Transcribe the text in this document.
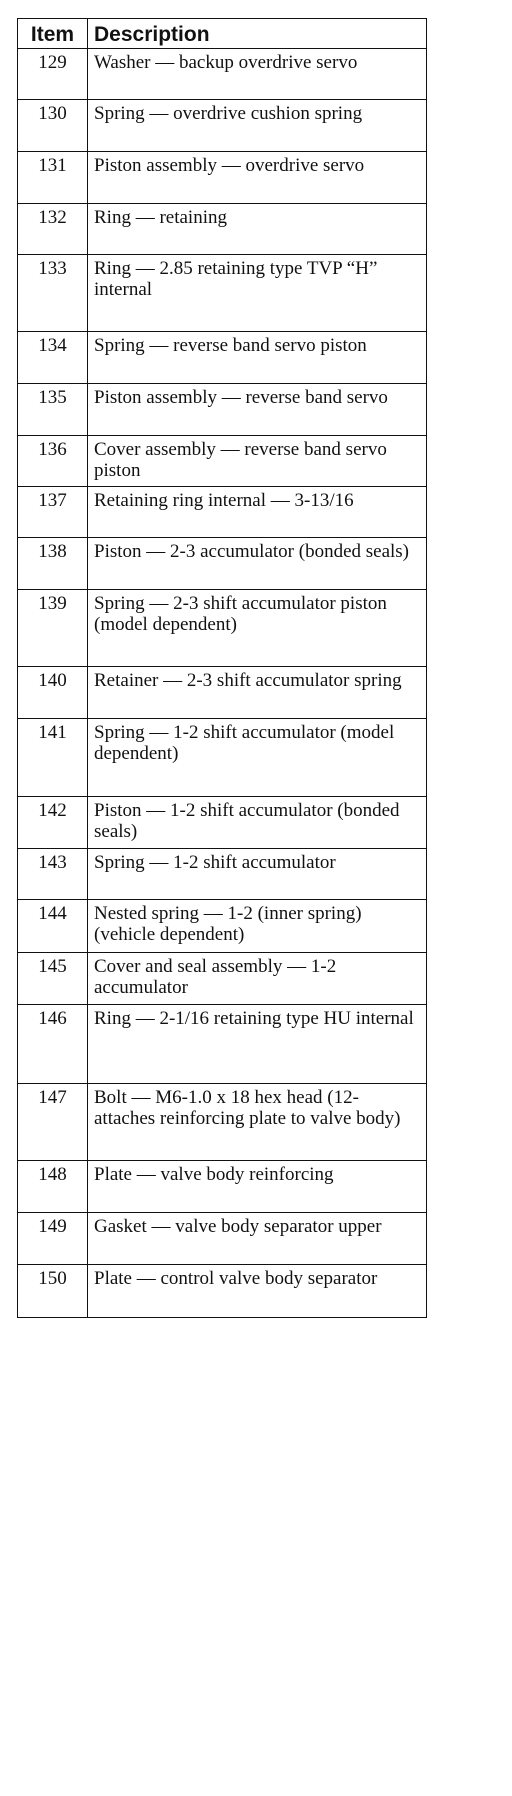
Item	Description
129	Washer — backup overdrive servo
130	Spring — overdrive cushion spring
131	Piston assembly — overdrive servo
132	Ring — retaining
133	Ring — 2.85 retaining type TVP “H” internal
134	Spring — reverse band servo piston
135	Piston assembly — reverse band servo
136	Cover assembly — reverse band servo piston
137	Retaining ring internal — 3-13/16
138	Piston — 2-3 accumulator (bonded seals)
139	Spring — 2-3 shift accumulator piston (model dependent)
140	Retainer — 2-3 shift accumulator spring
141	Spring — 1-2 shift accumulator (model dependent)
142	Piston — 1-2 shift accumulator (bonded seals)
143	Spring — 1-2 shift accumulator
144	Nested spring — 1-2 (inner spring) (vehicle dependent)
145	Cover and seal assembly — 1-2 accumulator
146	Ring — 2-1/16 retaining type HU internal
147	Bolt — M6-1.0 x 18 hex head (12-attaches reinforcing plate to valve body)
148	Plate — valve body reinforcing
149	Gasket — valve body separator upper
150	Plate — control valve body separator
